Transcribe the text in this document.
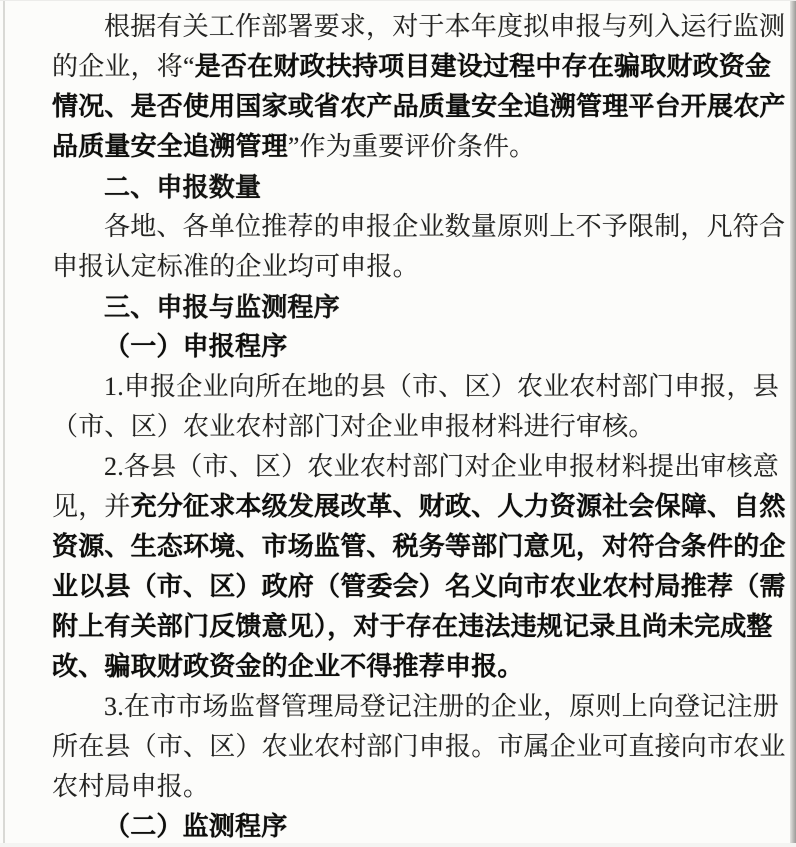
根据有关工作部署要求，对于本年度拟申报与列入运行监测
的企业，将“是否在财政扶持项目建设过程中存在骗取财政资金
情况、是否使用国家或省农产品质量安全追溯管理平台开展农产
品质量安全追溯管理”作为重要评价条件。
二、申报数量
各地、各单位推荐的申报企业数量原则上不予限制，凡符合
申报认定标准的企业均可申报。
三、申报与监测程序
（一）申报程序
1.申报企业向所在地的县（市、区）农业农村部门申报，县
（市、区）农业农村部门对企业申报材料进行审核。
2.各县（市、区）农业农村部门对企业申报材料提出审核意
见，并充分征求本级发展改革、财政、人力资源社会保障、自然
资源、生态环境、市场监管、税务等部门意见，对符合条件的企
业以县（市、区）政府（管委会）名义向市农业农村局推荐（需
附上有关部门反馈意见），对于存在违法违规记录且尚未完成整
改、骗取财政资金的企业不得推荐申报。
3.在市市场监督管理局登记注册的企业，原则上向登记注册
所在县（市、区）农业农村部门申报。市属企业可直接向市农业
农村局申报。
（二）监测程序
